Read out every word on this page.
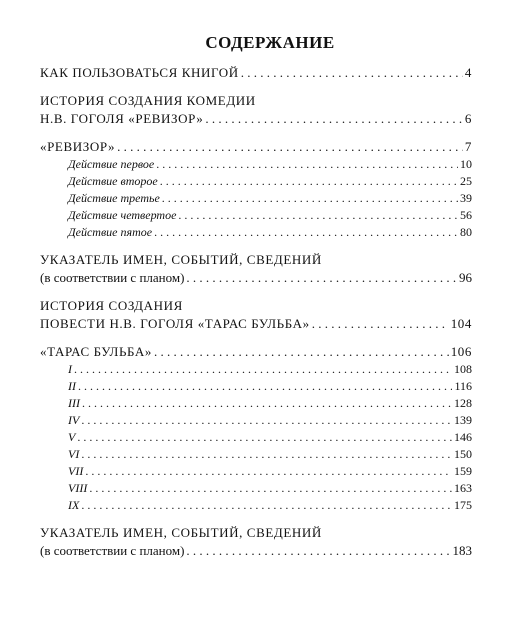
СОДЕРЖАНИЕ
КАК ПОЛЬЗОВАТЬСЯ КНИГОЙ . . .	4
ИСТОРИЯ СОЗДАНИЯ КОМЕДИИ
Н.В. ГОГОЛЯ «РЕВИЗОР» . . .	6
«РЕВИЗОР» . . .	7
Действие первое . . .	10
Действие второе . . .	25
Действие третье . . .	39
Действие четвертое . . .	56
Действие пятое . . .	80
УКАЗАТЕЛЬ ИМЕН, СОБЫТИЙ, СВЕДЕНИЙ
(в соответствии с планом) . . .	96
ИСТОРИЯ СОЗДАНИЯ
ПОВЕСТИ Н.В. ГОГОЛЯ «ТАРАС БУЛЬБА» . . .	104
«ТАРАС БУЛЬБА» . . .	106
I . . .	108
II . . .	116
III . . .	128
IV . . .	139
V . . .	146
VI . . .	150
VII . . .	159
VIII . . .	163
IX . . .	175
УКАЗАТЕЛЬ ИМЕН, СОБЫТИЙ, СВЕДЕНИЙ
(в соответствии с планом) . . .	183
